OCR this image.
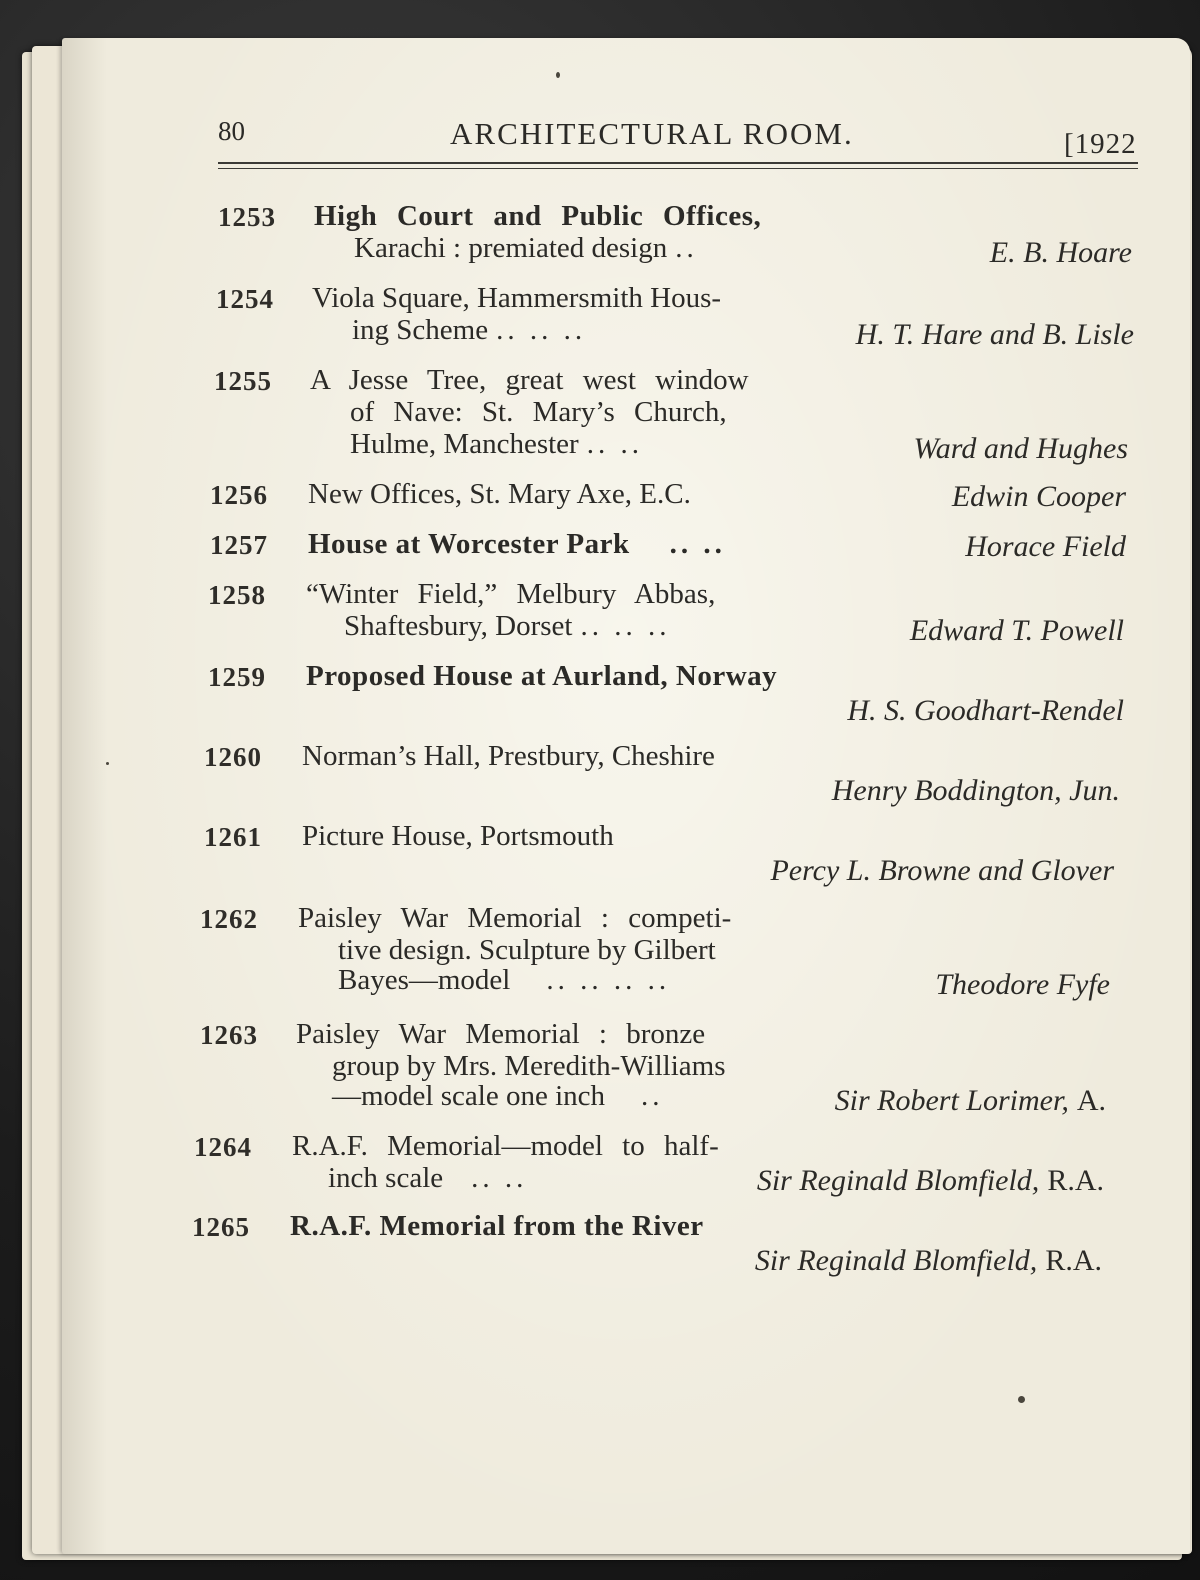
80	ARCHITECTURAL ROOM.	[1922
1253 High Court and Public Offices,
Karachi : premiated design ..	E. B. Hoare
1254 Viola Square, Hammersmith Hous-
ing Scheme .. .. ..	H. T. Hare and B. Lisle
1255 A Jesse Tree, great west window
of Nave: St. Mary’s Church,
Hulme, Manchester .. ..	Ward and Hughes
1256 New Offices, St. Mary Axe, E.C.	Edwin Cooper
1257 House at Worcester Park .. ..	Horace Field
1258 “Winter Field,” Melbury Abbas,
Shaftesbury, Dorset .. .. ..	Edward T. Powell
1259 Proposed House at Aurland, Norway
H. S. Goodhart-Rendel
1260 Norman’s Hall, Prestbury, Cheshire
Henry Boddington, Jun.
1261 Picture House, Portsmouth
Percy L. Browne and Glover
1262 Paisley War Memorial : competi-
tive design. Sculpture by Gilbert
Bayes—model .. .. .. ..	Theodore Fyfe
1263 Paisley War Memorial : bronze
group by Mrs. Meredith-Williams
—model scale one inch ..	Sir Robert Lorimer, A.
1264 R.A.F. Memorial—model to half-
inch scale .. ..	Sir Reginald Blomfield, R.A.
1265 R.A.F. Memorial from the River
Sir Reginald Blomfield, R.A.
